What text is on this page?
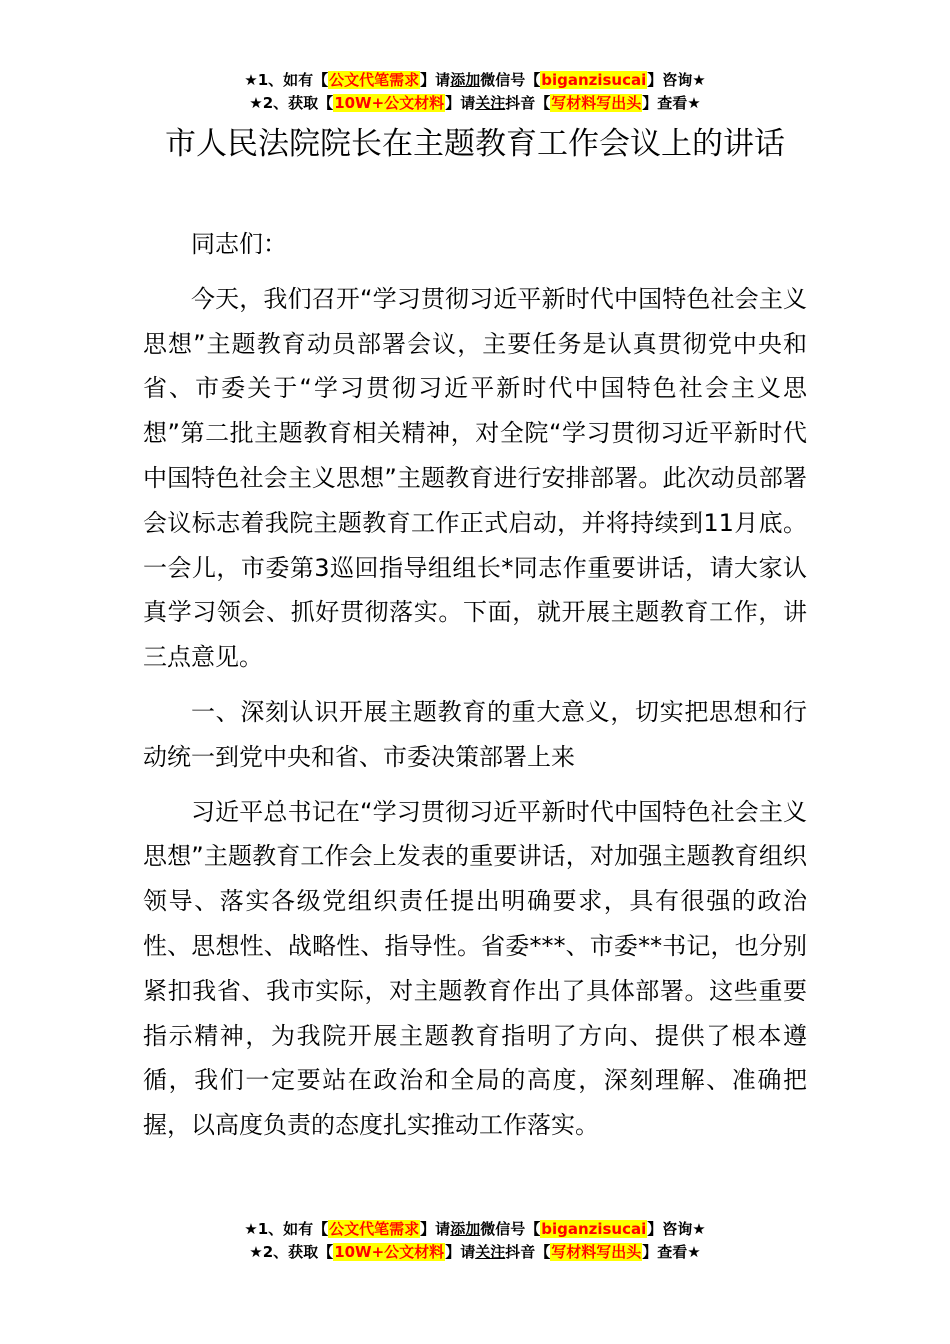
★1、如有【公文代笔需求】请添加微信号【biganzisucai】咨询★
★2、获取【10W+公文材料】请关注抖音【写材料写出头】查看★
市人民法院院长在主题教育工作会议上的讲话

同志们：

今天，我们召开“学习贯彻习近平新时代中国特色社会主义思想”主题教育动员部署会议，主要任务是认真贯彻党中央和省、市委关于“学习贯彻习近平新时代中国特色社会主义思想”第二批主题教育相关精神，对全院“学习贯彻习近平新时代中国特色社会主义思想”主题教育进行安排部署。此次动员部署会议标志着我院主题教育工作正式启动，并将持续到11月底。一会儿，市委第3巡回指导组组长*同志作重要讲话，请大家认真学习领会、抓好贯彻落实。下面，就开展主题教育工作，讲三点意见。

一、深刻认识开展主题教育的重大意义，切实把思想和行动统一到党中央和省、市委决策部署上来

习近平总书记在“学习贯彻习近平新时代中国特色社会主义思想”主题教育工作会上发表的重要讲话，对加强主题教育组织领导、落实各级党组织责任提出明确要求，具有很强的政治性、思想性、战略性、指导性。省委***、市委**书记，也分别紧扣我省、我市实际，对主题教育作出了具体部署。这些重要指示精神，为我院开展主题教育指明了方向、提供了根本遵循，我们一定要站在政治和全局的高度，深刻理解、准确把握，以高度负责的态度扎实推动工作落实。

★1、如有【公文代笔需求】请添加微信号【biganzisucai】咨询★
★2、获取【10W+公文材料】请关注抖音【写材料写出头】查看★
